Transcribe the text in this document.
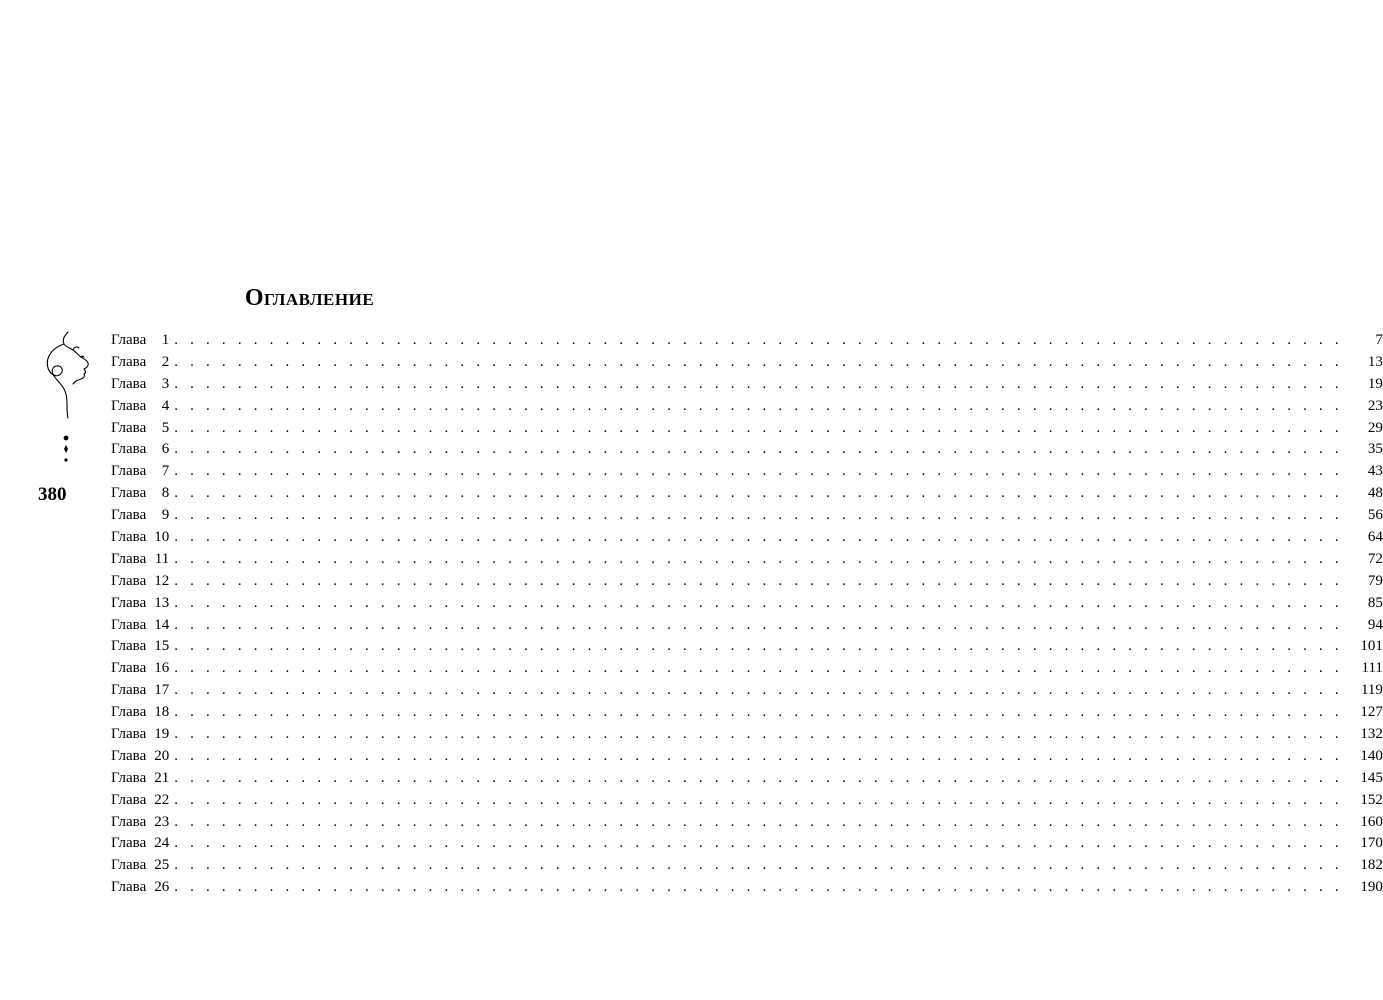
Оглавление
380
Глава	1 . . . . . . . . . . . . . . . . . . . . . . . . . . . . . . . . . . . . . . . . . . . . . . . . . . . . . . . . . . . . . . . . . . . . . . . . . .	7
Глава	2 . . . . . . . . . . . . . . . . . . . . . . . . . . . . . . . . . . . . . . . . . . . . . . . . . . . . . . . . . . . . . . . . . . . . . . . . . .	13
Глава	3 . . . . . . . . . . . . . . . . . . . . . . . . . . . . . . . . . . . . . . . . . . . . . . . . . . . . . . . . . . . . . . . . . . . . . . . . . .	19
Глава	4 . . . . . . . . . . . . . . . . . . . . . . . . . . . . . . . . . . . . . . . . . . . . . . . . . . . . . . . . . . . . . . . . . . . . . . . . . .	23
Глава	5 . . . . . . . . . . . . . . . . . . . . . . . . . . . . . . . . . . . . . . . . . . . . . . . . . . . . . . . . . . . . . . . . . . . . . . . . . .	29
Глава	6 . . . . . . . . . . . . . . . . . . . . . . . . . . . . . . . . . . . . . . . . . . . . . . . . . . . . . . . . . . . . . . . . . . . . . . . . . .	35
Глава	7 . . . . . . . . . . . . . . . . . . . . . . . . . . . . . . . . . . . . . . . . . . . . . . . . . . . . . . . . . . . . . . . . . . . . . . . . . .	43
Глава	8 . . . . . . . . . . . . . . . . . . . . . . . . . . . . . . . . . . . . . . . . . . . . . . . . . . . . . . . . . . . . . . . . . . . . . . . . . .	48
Глава	9 . . . . . . . . . . . . . . . . . . . . . . . . . . . . . . . . . . . . . . . . . . . . . . . . . . . . . . . . . . . . . . . . . . . . . . . . . .	56
Глава 10 . . . . . . . . . . . . . . . . . . . . . . . . . . . . . . . . . . . . . . . . . . . . . . . . . . . . . . . . . . . . . . . . . . . . . . . . . .	64
Глава 11 . . . . . . . . . . . . . . . . . . . . . . . . . . . . . . . . . . . . . . . . . . . . . . . . . . . . . . . . . . . . . . . . . . . . . . . . . .	72
Глава 12 . . . . . . . . . . . . . . . . . . . . . . . . . . . . . . . . . . . . . . . . . . . . . . . . . . . . . . . . . . . . . . . . . . . . . . . . . .	79
Глава 13 . . . . . . . . . . . . . . . . . . . . . . . . . . . . . . . . . . . . . . . . . . . . . . . . . . . . . . . . . . . . . . . . . . . . . . . . . .	85
Глава 14 . . . . . . . . . . . . . . . . . . . . . . . . . . . . . . . . . . . . . . . . . . . . . . . . . . . . . . . . . . . . . . . . . . . . . . . . . .	94
Глава 15 . . . . . . . . . . . . . . . . . . . . . . . . . . . . . . . . . . . . . . . . . . . . . . . . . . . . . . . . . . . . . . . . . . . . . . . . . . 101
Глава 16 . . . . . . . . . . . . . . . . . . . . . . . . . . . . . . . . . . . . . . . . . . . . . . . . . . . . . . . . . . . . . . . . . . . . . . . . . .	111
Глава 17 . . . . . . . . . . . . . . . . . . . . . . . . . . . . . . . . . . . . . . . . . . . . . . . . . . . . . . . . . . . . . . . . . . . . . . . . . . 119
Глава 18 . . . . . . . . . . . . . . . . . . . . . . . . . . . . . . . . . . . . . . . . . . . . . . . . . . . . . . . . . . . . . . . . . . . . . . . . . . 127
Глава 19 . . . . . . . . . . . . . . . . . . . . . . . . . . . . . . . . . . . . . . . . . . . . . . . . . . . . . . . . . . . . . . . . . . . . . . . . . . 132
Глава 20 . . . . . . . . . . . . . . . . . . . . . . . . . . . . . . . . . . . . . . . . . . . . . . . . . . . . . . . . . . . . . . . . . . . . . . . . . . 140
Глава 21 . . . . . . . . . . . . . . . . . . . . . . . . . . . . . . . . . . . . . . . . . . . . . . . . . . . . . . . . . . . . . . . . . . . . . . . . . . 145
Глава 22 . . . . . . . . . . . . . . . . . . . . . . . . . . . . . . . . . . . . . . . . . . . . . . . . . . . . . . . . . . . . . . . . . . . . . . . . . . 152
Глава 23 . . . . . . . . . . . . . . . . . . . . . . . . . . . . . . . . . . . . . . . . . . . . . . . . . . . . . . . . . . . . . . . . . . . . . . . . . . 160
Глава 24 . . . . . . . . . . . . . . . . . . . . . . . . . . . . . . . . . . . . . . . . . . . . . . . . . . . . . . . . . . . . . . . . . . . . . . . . . . 170
Глава 25 . . . . . . . . . . . . . . . . . . . . . . . . . . . . . . . . . . . . . . . . . . . . . . . . . . . . . . . . . . . . . . . . . . . . . . . . . . 182
Глава 26 . . . . . . . . . . . . . . . . . . . . . . . . . . . . . . . . . . . . . . . . . . . . . . . . . . . . . . . . . . . . . . . . . . . . . . . . . . 190
